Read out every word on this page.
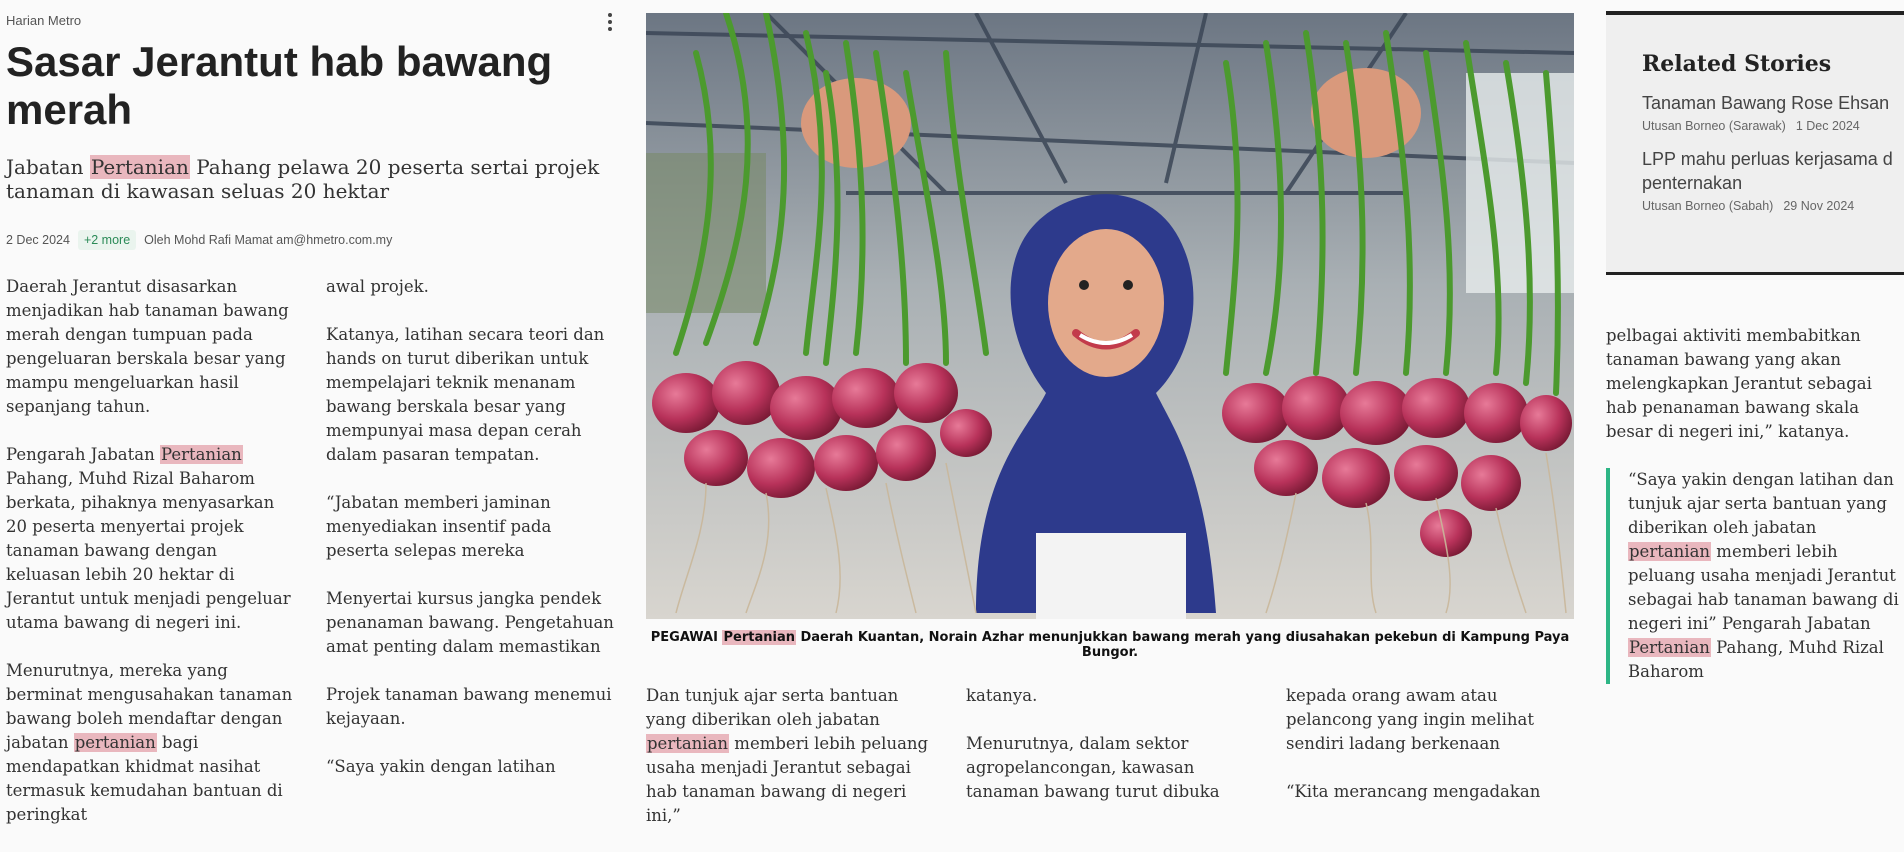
Harian Metro
Sasar Jerantut hab bawang merah

Jabatan Pertanian Pahang pelawa 20 peserta sertai projek tanaman di kawasan seluas 20 hektar

2 Dec 2024	+2 more	Oleh Mohd Rafi Mamat am@hmetro.com.my

Daerah Jerantut disasarkan menjadikan hab tanaman bawang merah dengan tumpuan pada pengeluaran berskala besar yang mampu mengeluarkan hasil sepanjang tahun.

Pengarah Jabatan Pertanian Pahang, Muhd Rizal Baharom berkata, pihaknya menyasarkan 20 peserta menyertai projek tanaman bawang dengan keluasan lebih 20 hektar di Jerantut untuk menjadi pengeluar utama bawang di negeri ini.

Menurutnya, mereka yang berminat mengusahakan tanaman bawang boleh mendaftar dengan jabatan pertanian bagi mendapatkan khidmat nasihat termasuk kemudahan bantuan di peringkat

awal projek.

Katanya, latihan secara teori dan hands on turut diberikan untuk mempelajari teknik menanam bawang berskala besar yang mempunyai masa depan cerah dalam pasaran tempatan.

“Jabatan memberi jaminan menyediakan insentif pada peserta selepas mereka

Menyertai kursus jangka pendek penanaman bawang. Pengetahuan amat penting dalam memastikan

Projek tanaman bawang menemui kejayaan.

“Saya yakin dengan latihan

PEGAWAI Pertanian Daerah Kuantan, Norain Azhar menunjukkan bawang merah yang diusahakan pekebun di Kampung Paya Bungor.

Dan tunjuk ajar serta bantuan yang diberikan oleh jabatan pertanian memberi lebih peluang usaha menjadi Jerantut sebagai hab tanaman bawang di negeri ini,”

katanya.

Menurutnya, dalam sektor agropelancongan, kawasan tanaman bawang turut dibuka

kepada orang awam atau pelancong yang ingin melihat sendiri ladang berkenaan

“Kita merancang mengadakan

Related Stories
Tanaman Bawang Rose Ehsan
Utusan Borneo (Sarawak) 1 Dec 2024
LPP mahu perluas kerjasama d
penternakan
Utusan Borneo (Sabah) 29 Nov 2024

pelbagai aktiviti membabitkan tanaman bawang yang akan melengkapkan Jerantut sebagai hab penanaman bawang skala besar di negeri ini,” katanya.

“Saya yakin dengan latihan dan tunjuk ajar serta bantuan yang diberikan oleh jabatan pertanian memberi lebih peluang usaha menjadi Jerantut sebagai hab tanaman bawang di negeri ini” Pengarah Jabatan Pertanian Pahang, Muhd Rizal Baharom
